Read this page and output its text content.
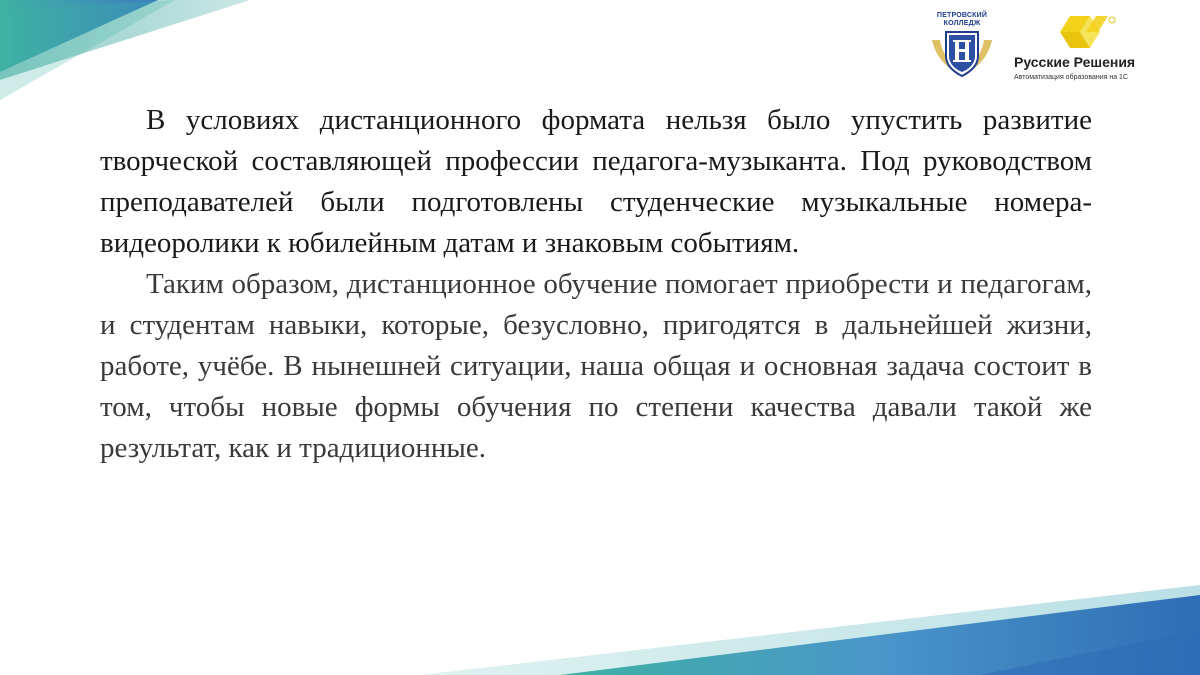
ПЕТРОВСКИЙ КОЛЛЕДЖ
Русские Решения
Автоматизация образования на 1С

В условиях дистанционного формата нельзя было упустить развитие творческой составляющей профессии педагога-музыканта. Под руководством преподавателей были подготовлены студенческие музыкальные номера-видеоролики к юбилейным датам и знаковым событиям.

Таким образом, дистанционное обучение помогает приобрести и педагогам, и студентам навыки, которые, безусловно, пригодятся в дальнейшей жизни, работе, учёбе. В нынешней ситуации, наша общая и основная задача состоит в том, чтобы новые формы обучения по степени качества давали такой же результат, как и традиционные.
